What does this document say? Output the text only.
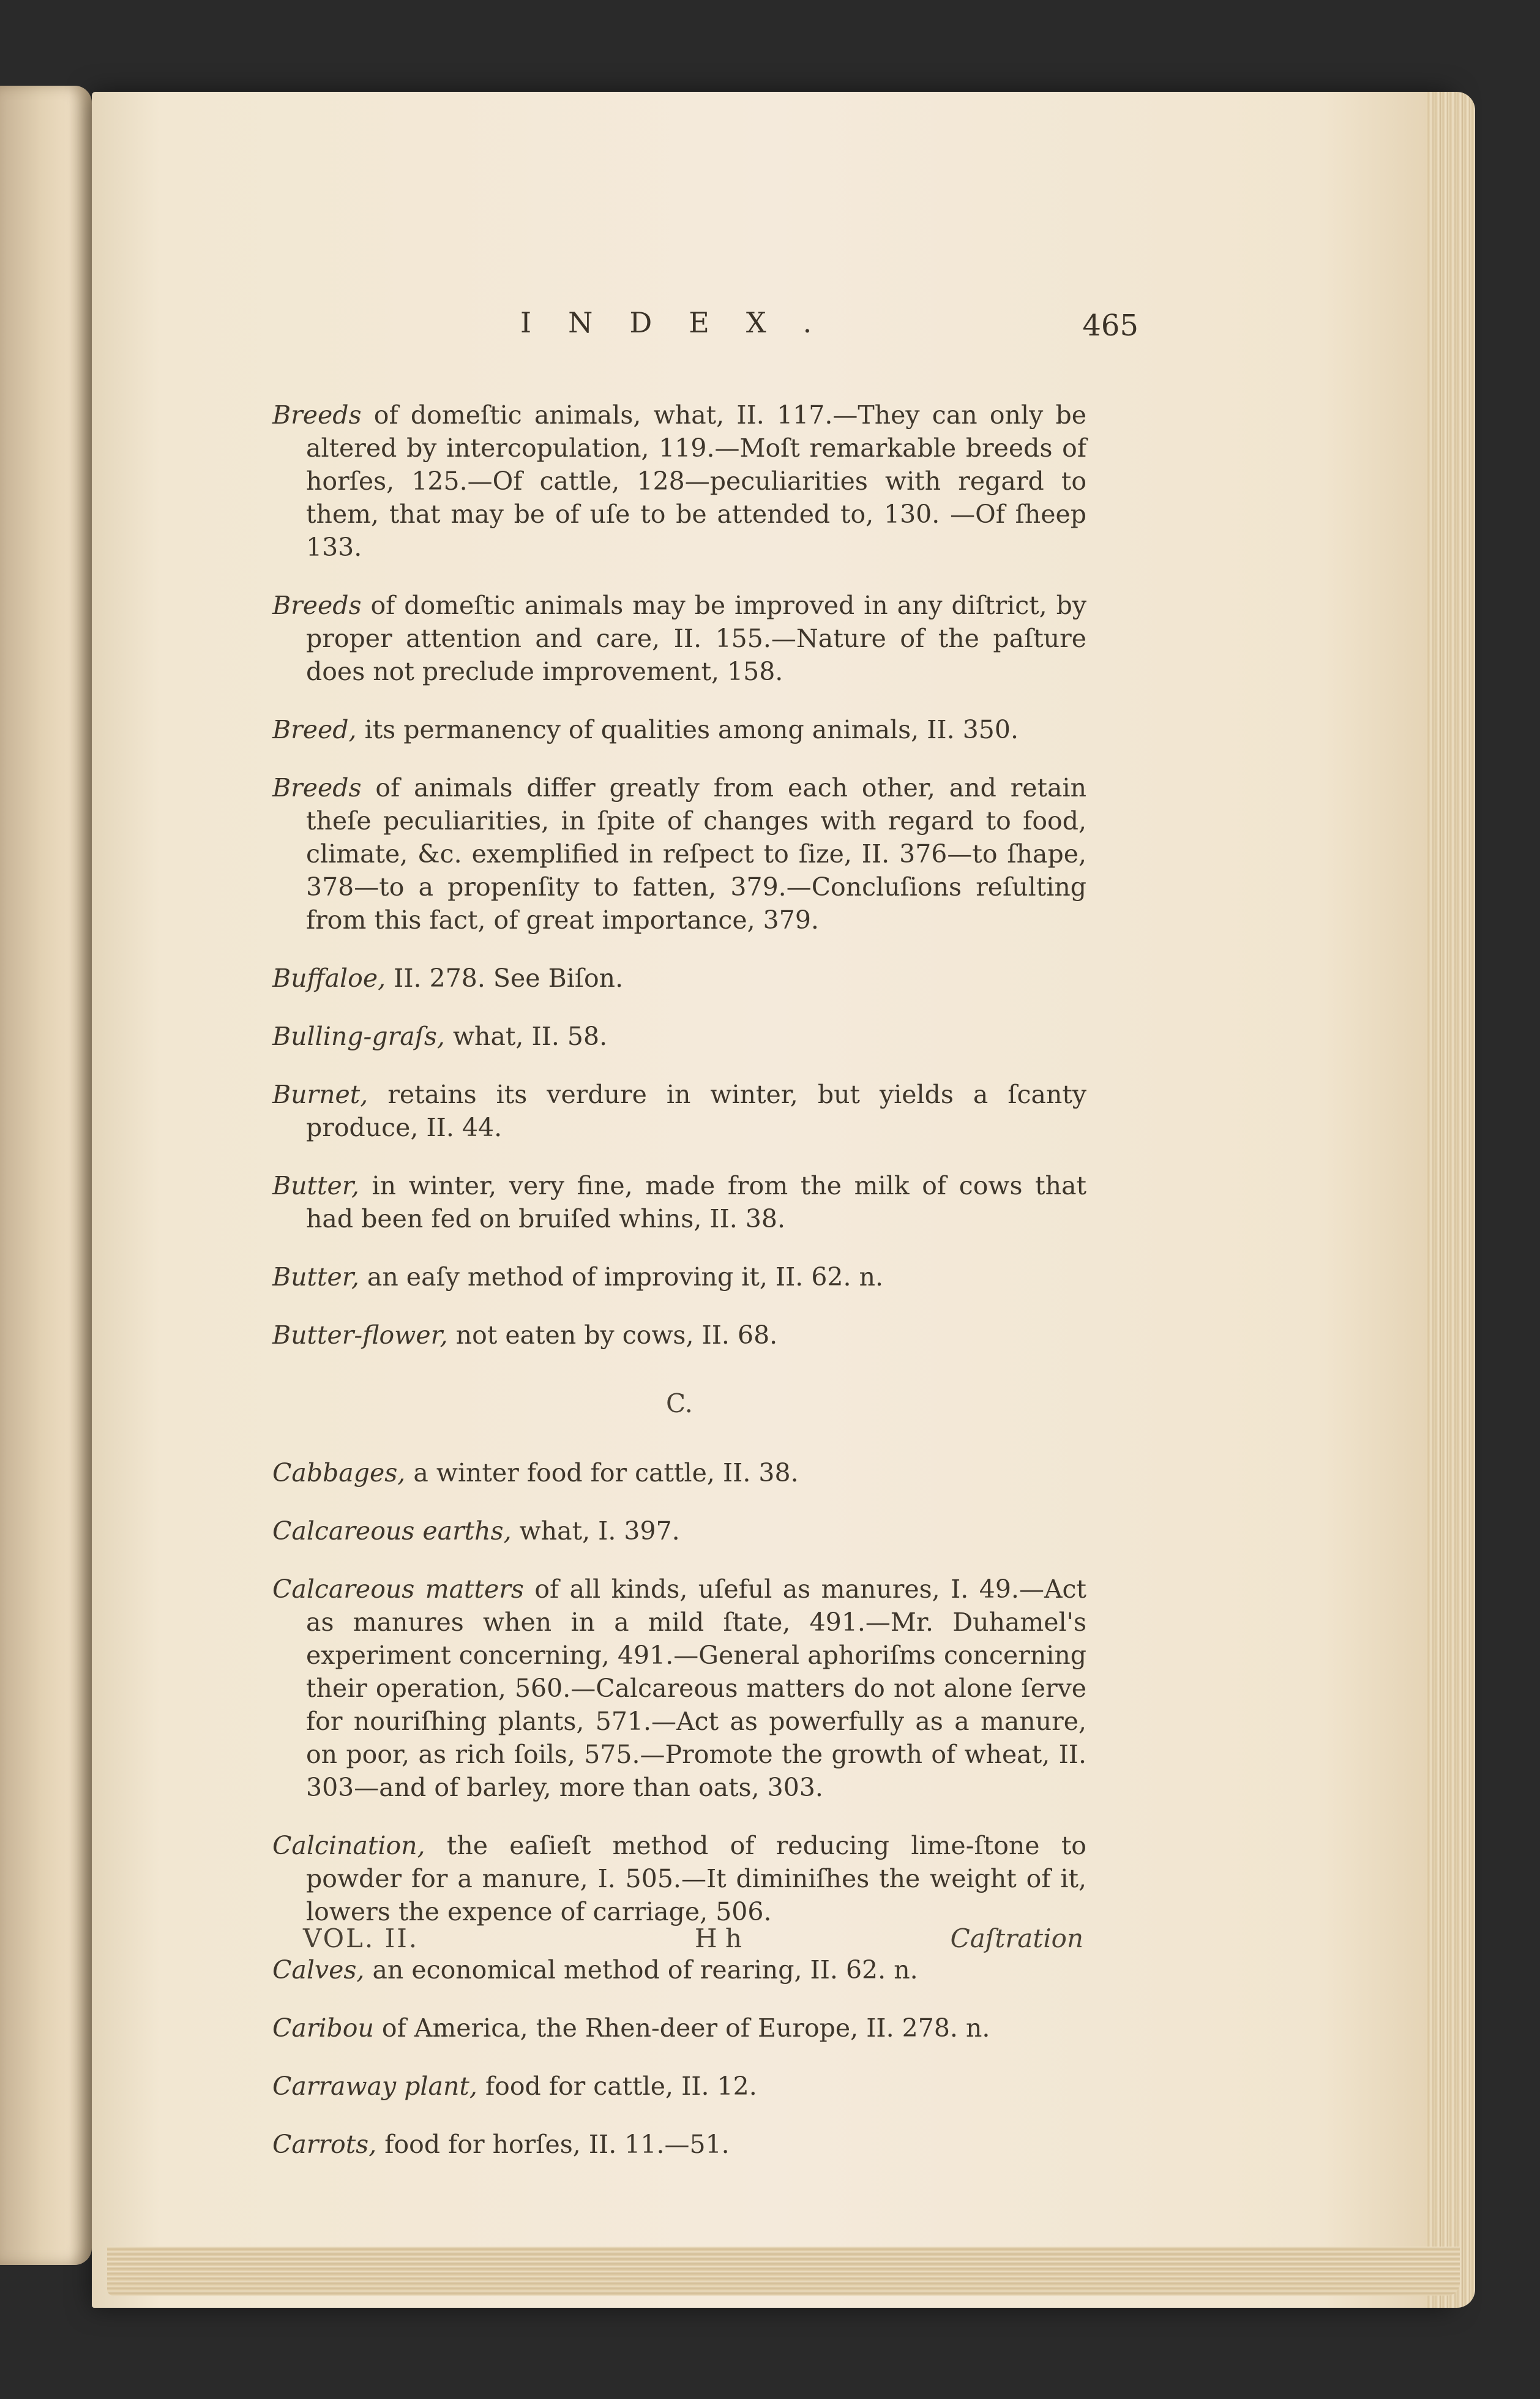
INDEX.	465

Breeds of domeſtic animals, what, II. 117.—They can only be altered by intercopulation, 119.—Moſt remarkable breeds of horſes, 125.—Of cattle, 128—peculiarities with regard to them, that may be of uſe to be attended to, 130. —Of ſheep 133.

Breeds of domeſtic animals may be improved in any diſtrict, by proper attention and care, II. 155.—Nature of the paſture does not preclude improvement, 158.

Breed, its permanency of qualities among animals, II. 350.

Breeds of animals differ greatly from each other, and retain theſe peculiarities, in ſpite of changes with regard to food, climate, &c. exemplified in reſpect to ſize, II. 376—to ſhape, 378—to a propenſity to fatten, 379.—Concluſions reſulting from this fact, of great importance, 379.

Buffaloe, II. 278. See Biſon.

Bulling-graſs, what, II. 58.

Burnet, retains its verdure in winter, but yields a ſcanty produce, II. 44.

Butter, in winter, very fine, made from the milk of cows that had been fed on bruiſed whins, II. 38.

Butter, an eaſy method of improving it, II. 62. n.

Butter-flower, not eaten by cows, II. 68.

C.

Cabbages, a winter food for cattle, II. 38.

Calcareous earths, what, I. 397.

Calcareous matters of all kinds, uſeful as manures, I. 49.—Act as manures when in a mild ſtate, 491.—Mr. Duhamel's experiment concerning, 491.—General aphoriſms concerning their operation, 560.—Calcareous matters do not alone ſerve for nouriſhing plants, 571.—Act as powerfully as a manure, on poor, as rich ſoils, 575.—Promote the growth of wheat, II. 303—and of barley, more than oats, 303.

Calcination, the eaſieſt method of reducing lime-ſtone to powder for a manure, I. 505.—It diminiſhes the weight of it, lowers the expence of carriage, 506.

Calves, an economical method of rearing, II. 62. n.

Caribou of America, the Rhen-deer of Europe, II. 278. n.

Carraway plant, food for cattle, II. 12.

Carrots, food for horſes, II. 11.—51.

VOL. II.	H h	Caſtration
